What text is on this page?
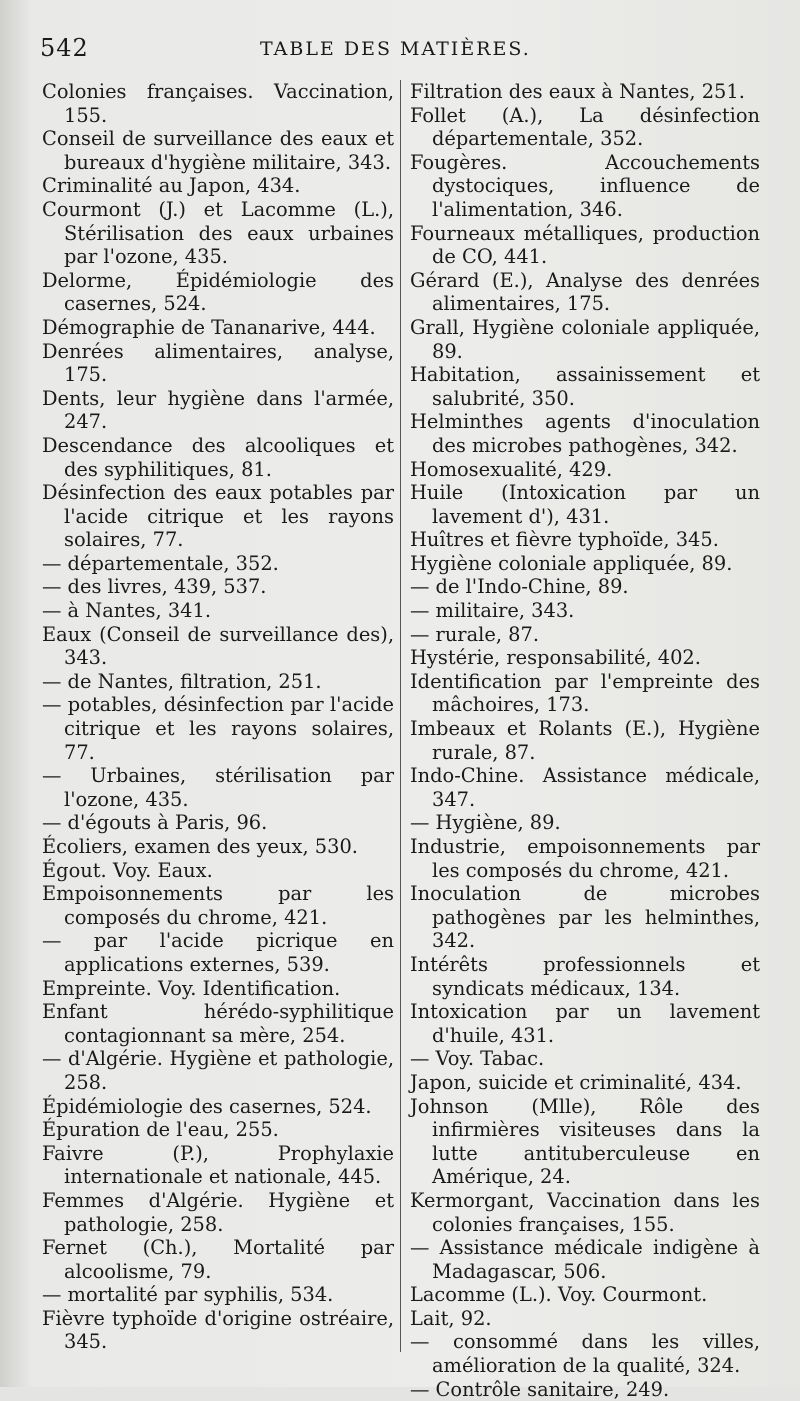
542	TABLE DES MATIÈRES.

Colonies françaises. Vaccination, 155.

Conseil de surveillance des eaux et bureaux d'hygiène militaire, 343.

Criminalité au Japon, 434.

Courmont (J.) et Lacomme (L.), Stérilisation des eaux urbaines par l'ozone, 435.

Delorme, Épidémiologie des casernes, 524.

Démographie de Tananarive, 444.

Denrées alimentaires, analyse, 175.

Dents, leur hygiène dans l'armée, 247.

Descendance des alcooliques et des syphilitiques, 81.

Désinfection des eaux potables par l'acide citrique et les rayons solaires, 77.

— départementale, 352.

— des livres, 439, 537.

— à Nantes, 341.

Eaux (Conseil de surveillance des), 343.

— de Nantes, filtration, 251.

— potables, désinfection par l'acide citrique et les rayons solaires, 77.

— Urbaines, stérilisation par l'ozone, 435.

— d'égouts à Paris, 96.

Écoliers, examen des yeux, 530.

Égout. Voy. Eaux.

Empoisonnements par les composés du chrome, 421.

— par l'acide picrique en applications externes, 539.

Empreinte. Voy. Identification.

Enfant hérédo-syphilitique contagionnant sa mère, 254.

— d'Algérie. Hygiène et pathologie, 258.

Épidémiologie des casernes, 524.

Épuration de l'eau, 255.

Faivre (P.), Prophylaxie internationale et nationale, 445.

Femmes d'Algérie. Hygiène et pathologie, 258.

Fernet (Ch.), Mortalité par alcoolisme, 79.

— mortalité par syphilis, 534.

Fièvre typhoïde d'origine ostréaire, 345.

Filtration des eaux à Nantes, 251.

Follet (A.), La désinfection départementale, 352.

Fougères. Accouchements dystociques, influence de l'alimentation, 346.

Fourneaux métalliques, production de CO, 441.

Gérard (E.), Analyse des denrées alimentaires, 175.

Grall, Hygiène coloniale appliquée, 89.

Habitation, assainissement et salubrité, 350.

Helminthes agents d'inoculation des microbes pathogènes, 342.

Homosexualité, 429.

Huile (Intoxication par un lavement d'), 431.

Huîtres et fièvre typhoïde, 345.

Hygiène coloniale appliquée, 89.

— de l'Indo-Chine, 89.

— militaire, 343.

— rurale, 87.

Hystérie, responsabilité, 402.

Identification par l'empreinte des mâchoires, 173.

Imbeaux et Rolants (E.), Hygiène rurale, 87.

Indo-Chine. Assistance médicale, 347.

— Hygiène, 89.

Industrie, empoisonnements par les composés du chrome, 421.

Inoculation de microbes pathogènes par les helminthes, 342.

Intérêts professionnels et syndicats médicaux, 134.

Intoxication par un lavement d'huile, 431.

— Voy. Tabac.

Japon, suicide et criminalité, 434.

Johnson (Mlle), Rôle des infirmières visiteuses dans la lutte antituberculeuse en Amérique, 24.

Kermorgant, Vaccination dans les colonies françaises, 155.

— Assistance médicale indigène à Madagascar, 506.

Lacomme (L.). Voy. Courmont.

Lait, 92.

— consommé dans les villes, amélioration de la qualité, 324.

— Contrôle sanitaire, 249.
